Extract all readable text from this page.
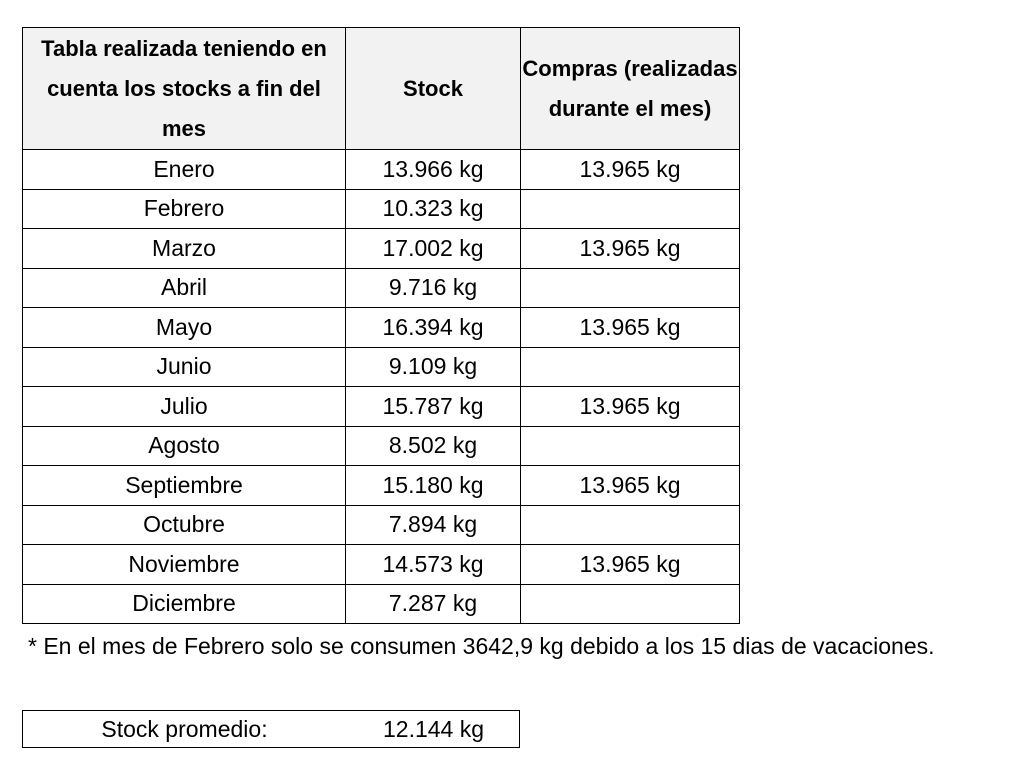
Tabla realizada teniendo en cuenta los stocks a fin del mes	Stock	Compras (realizadas durante el mes)
Enero	13.966 kg	13.965 kg
Febrero	10.323 kg	
Marzo	17.002 kg	13.965 kg
Abril	9.716 kg	
Mayo	16.394 kg	13.965 kg
Junio	9.109 kg	
Julio	15.787 kg	13.965 kg
Agosto	8.502 kg	
Septiembre	15.180 kg	13.965 kg
Octubre	7.894 kg	
Noviembre	14.573 kg	13.965 kg
Diciembre	7.287 kg	
* En el mes de Febrero solo se consumen 3642,9 kg debido a los 15 dias de vacaciones.
Stock promedio:	12.144 kg
